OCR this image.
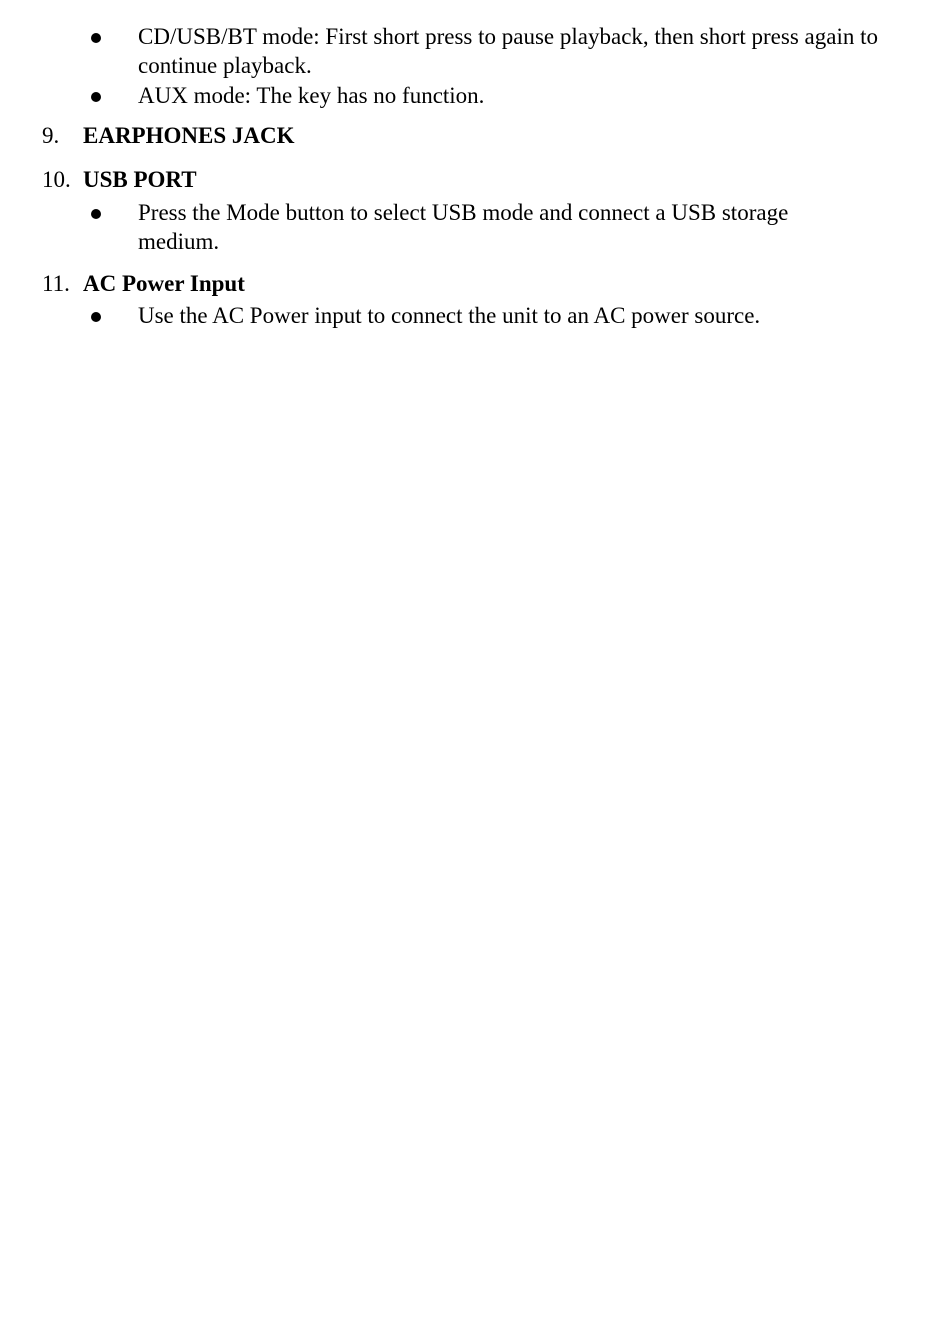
CD/USB/BT mode: First short press to pause playback, then short press again to continue playback.
AUX mode: The key has no function.
9. EARPHONES JACK
10. USB PORT
Press the Mode button to select USB mode and connect a USB storage medium.
11. AC Power Input
Use the AC Power input to connect the unit to an AC power source.
